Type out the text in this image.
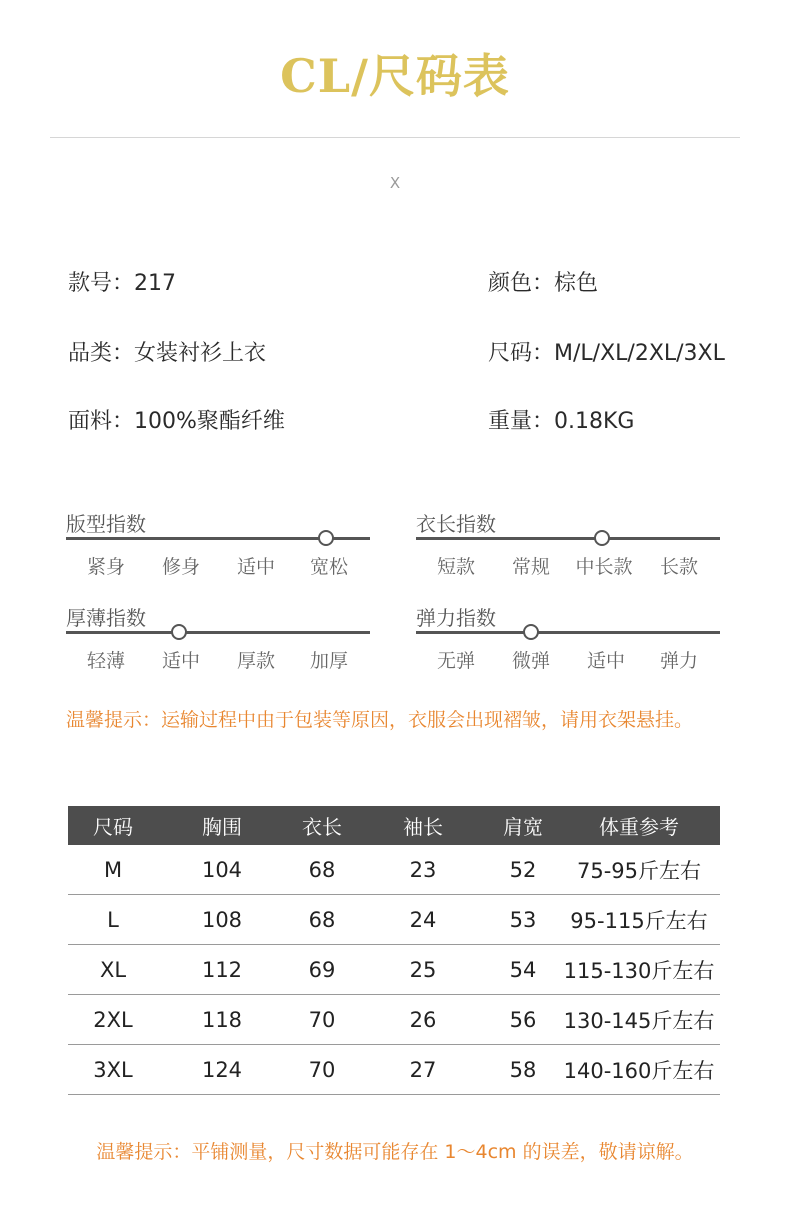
CL/尺码表
X
款号：217	颜色：棕色
品类：女装衬衫上衣	尺码：M/L/XL/2XL/3XL
面料：100%聚酯纤维	重量：0.18KG
版型指数
紧身	修身	适中	宽松
衣长指数
短款	常规	中长款	长款
厚薄指数
轻薄	适中	厚款	加厚
弹力指数
无弹	微弹	适中	弹力
温馨提示：运输过程中由于包装等原因，衣服会出现褶皱，请用衣架悬挂。
尺码	胸围	衣长	袖长	肩宽	体重参考
M	104	68	23	52	75-95斤左右
L	108	68	24	53	95-115斤左右
XL	112	69	25	54	115-130斤左右
2XL	118	70	26	56	130-145斤左右
3XL	124	70	27	58	140-160斤左右
温馨提示：平铺测量，尺寸数据可能存在 1～4cm 的误差，敬请谅解。
